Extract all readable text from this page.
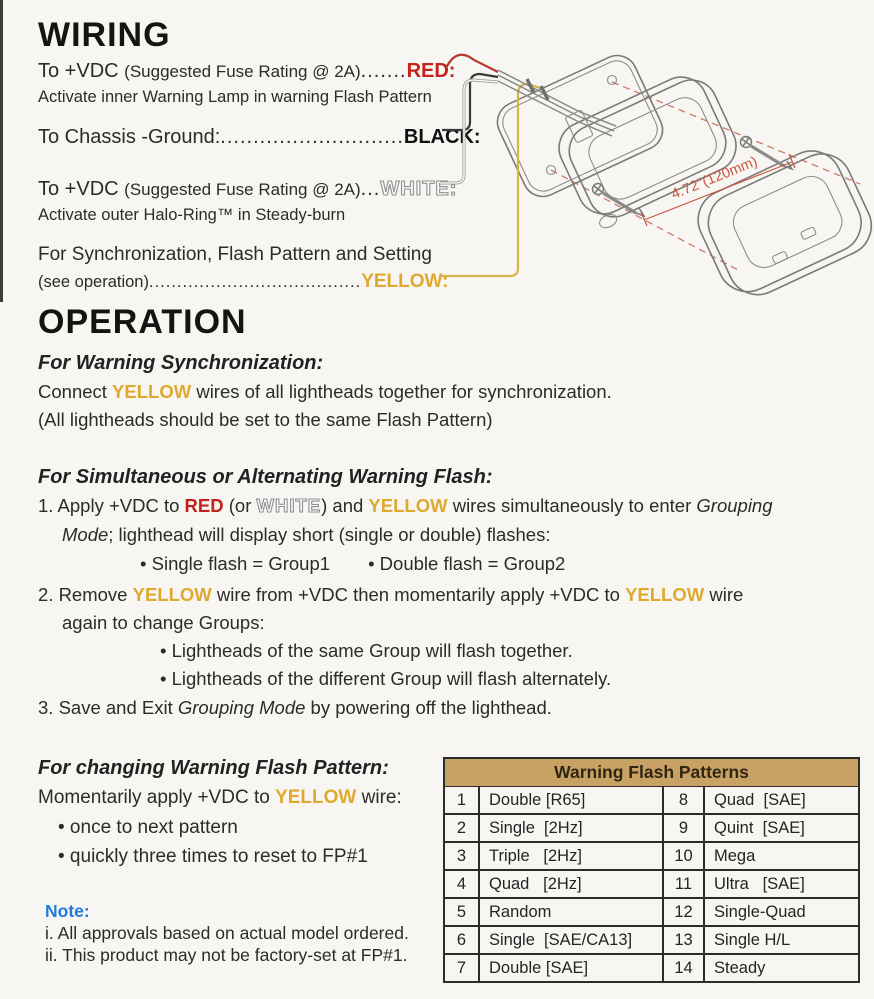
WIRING
To +VDC (Suggested Fuse Rating @ 2A).......RED:
Activate inner Warning Lamp in warning Flash Pattern
To Chassis -Ground:............................BLACK:
To +VDC (Suggested Fuse Rating @ 2A)...WHITE:
Activate outer Halo-Ring™ in Steady-burn
For Synchronization, Flash Pattern and Setting
(see operation)......................................YELLOW:
4.72"(120mm)
OPERATION
For Warning Synchronization:
Connect YELLOW wires of all lightheads together for synchronization.
(All lightheads should be set to the same Flash Pattern)
For Simultaneous or Alternating Warning Flash:
1. Apply +VDC to RED (or WHITE) and YELLOW wires simultaneously to enter Grouping
Mode; lighthead will display short (single or double) flashes:
• Single flash = Group1 • Double flash = Group2
2. Remove YELLOW wire from +VDC then momentarily apply +VDC to YELLOW wire
again to change Groups:
• Lightheads of the same Group will flash together.
• Lightheads of the different Group will flash alternately.
3. Save and Exit Grouping Mode by powering off the lighthead.
For changing Warning Flash Pattern:
Momentarily apply +VDC to YELLOW wire:
• once to next pattern
• quickly three times to reset to FP#1
Note:
i. All approvals based on actual model ordered.
ii. This product may not be factory-set at FP#1.
Warning Flash Patterns
1	Double [R65]	8	Quad  [SAE]
2	Single  [2Hz]	9	Quint  [SAE]
3	Triple   [2Hz]	10	Mega
4	Quad   [2Hz]	11	Ultra   [SAE]
5	Random	12	Single-Quad
6	Single  [SAE/CA13]	13	Single H/L
7	Double [SAE]	14	Steady
